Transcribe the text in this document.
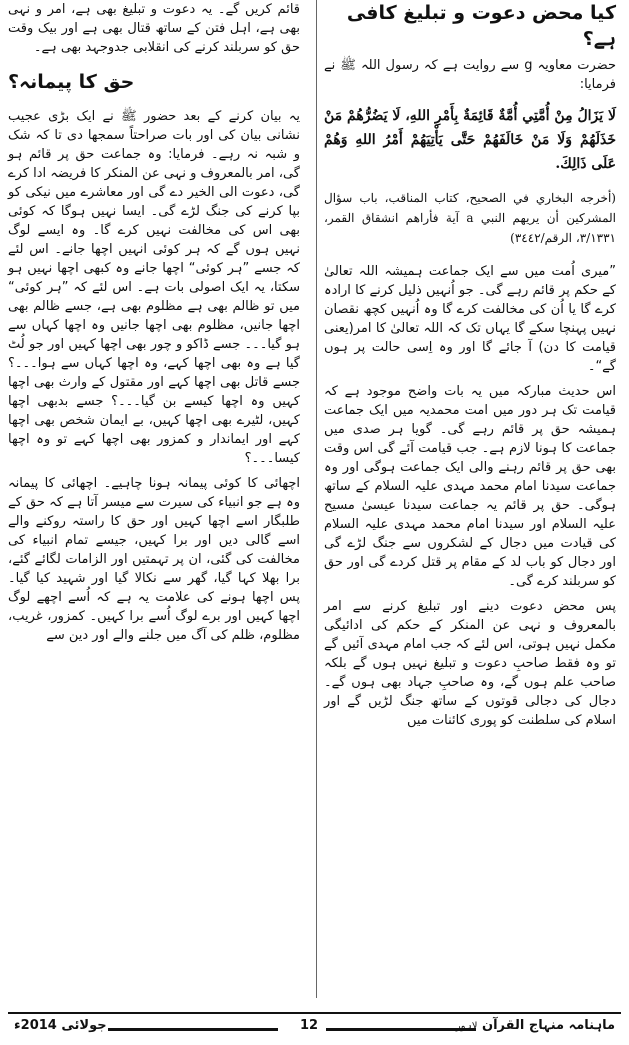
کیا محض دعوت و تبلیغ کافی ہے؟

حضرت معاویہ g سے روایت ہے کہ رسول اللہ ﷺ نے فرمایا:

لَا يَزَالُ مِنْ أُمَّتِي أُمَّةٌ قَائِمَةٌ بِأَمْرِ اللهِ، لَا يَضُرُّهُمْ مَنْ خَذَلَهُمْ وَلَا مَنْ خَالَفَهُمْ حَتَّى يَأْتِيَهُمْ أَمْرُ اللهِ وَهُمْ عَلَى ذَالِكَ.

(أخرجه البخاري في الصحيح، كتاب المناقب، باب سؤال المشركين أن يريهم النبي a آية فأراهم انشقاق القمر، ٣/١٣٣١، الرقم/٣٤٤٢)

”میری اُمت میں سے ایک جماعت ہمیشہ اللہ تعالیٰ کے حکم پر قائم رہے گی۔ جو اُنہیں ذلیل کرنے کا ارادہ کرے گا یا اُن کی مخالفت کرے گا وہ اُنہیں کچھ نقصان نہیں پہنچا سکے گا یہاں تک کہ اللہ تعالیٰ کا امر(یعنی قیامت کا دن) آ جائے گا اور وہ اِسی حالت پر ہوں گے“۔

اس حدیث مبارکہ میں یہ بات واضح موجود ہے کہ قیامت تک ہر دور میں امت محمدیہ میں ایک جماعت ہمیشہ حق پر قائم رہے گی۔ گویا ہر صدی میں جماعت کا ہونا لازم ہے۔ جب قیامت آئے گی اس وقت بھی حق پر قائم رہنے والی ایک جماعت ہوگی اور وہ جماعت سیدنا امام محمد مہدی علیہ السلام کے ساتھ ہوگی۔ حق پر قائم یہ جماعت سیدنا عیسیٰ مسیح علیہ السلام اور سیدنا امام محمد مہدی علیہ السلام کی قیادت میں دجال کے لشکروں سے جنگ لڑے گی اور دجال کو باب لد کے مقام پر قتل کردے گی اور حق کو سربلند کرے گی۔

پس محض دعوت دینے اور تبلیغ کرنے سے امر بالمعروف و نہی عن المنکر کے حکم کی ادائیگی مکمل نہیں ہوتی، اس لئے کہ جب امام مہدی آئیں گے تو وہ فقط صاحبِ دعوت و تبلیغ نہیں ہوں گے بلکہ صاحب علم ہوں گے، وہ صاحبِ جہاد بھی ہوں گے۔ دجال کی دجالی قوتوں کے ساتھ جنگ لڑیں گے اور اسلام کی سلطنت کو پوری کائنات میں

قائم کریں گے۔ یہ دعوت و تبلیغ بھی ہے، امر و نہی بھی ہے، اہل فتن کے ساتھ قتال بھی ہے اور بیک وقت حق کو سربلند کرنے کی انقلابی جدوجہد بھی ہے۔

حق کا پیمانہ؟

یہ بیان کرنے کے بعد حضور ﷺ نے ایک بڑی عجیب نشانی بیان کی اور بات صراحتاً سمجھا دی تا کہ شک و شبہ نہ رہے۔ فرمایا: وہ جماعت حق پر قائم ہو گی، امر بالمعروف و نہی عن المنکر کا فریضہ ادا کرے گی، دعوت الی الخیر دے گی اور معاشرے میں نیکی کو بپا کرنے کی جنگ لڑے گی۔ ایسا نہیں ہوگا کہ کوئی بھی اس کی مخالفت نہیں کرے گا۔ وہ ایسے لوگ نہیں ہوں گے کہ ہر کوئی انہیں اچھا جانے۔ اس لئے کہ جسے ”ہر کوئی“ اچھا جانے وہ کبھی اچھا نہیں ہو سکتا، یہ ایک اصولی بات ہے۔ اس لئے کہ ”ہر کوئی“ میں تو ظالم بھی ہے مظلوم بھی ہے، جسے ظالم بھی اچھا جانیں، مظلوم بھی اچھا جانیں وہ اچھا کہاں سے ہو گیا۔۔۔ جسے ڈاکو و چور بھی اچھا کہیں اور جو لُٹ گیا ہے وہ بھی اچھا کہے، وہ اچھا کہاں سے ہوا۔۔۔؟ جسے قاتل بھی اچھا کہے اور مقتول کے وارث بھی اچھا کہیں وہ اچھا کیسے بن گیا۔۔۔؟ جسے بدبھی اچھا کہیں، لٹیرے بھی اچھا کہیں، بے ایمان شخص بھی اچھا کہے اور ایماندار و کمزور بھی اچھا کہے تو وہ اچھا کیسا۔۔۔؟

اچھائی کا کوئی پیمانہ ہونا چاہیے۔ اچھائی کا پیمانہ وہ ہے جو انبیاء کی سیرت سے میسر آتا ہے کہ حق کے طلبگار اسے اچھا کہیں اور حق کا راستہ روکنے والے اسے گالی دیں اور برا کہیں، جیسے تمام انبیاء کی مخالفت کی گئی، ان پر تہمتیں اور الزامات لگائے گئے، برا بھلا کہا گیا، گھر سے نکالا گیا اور شہید کیا گیا۔ پس اچھا ہونے کی علامت یہ ہے کہ اُسے اچھے لوگ اچھا کہیں اور برے لوگ اُسے برا کہیں۔ کمزور، غریب، مظلوم، ظلم کی آگ میں جلنے والے اور دین سے

جولائی 2014ء	12	ماہنامہ منہاج القرآن لاہور
